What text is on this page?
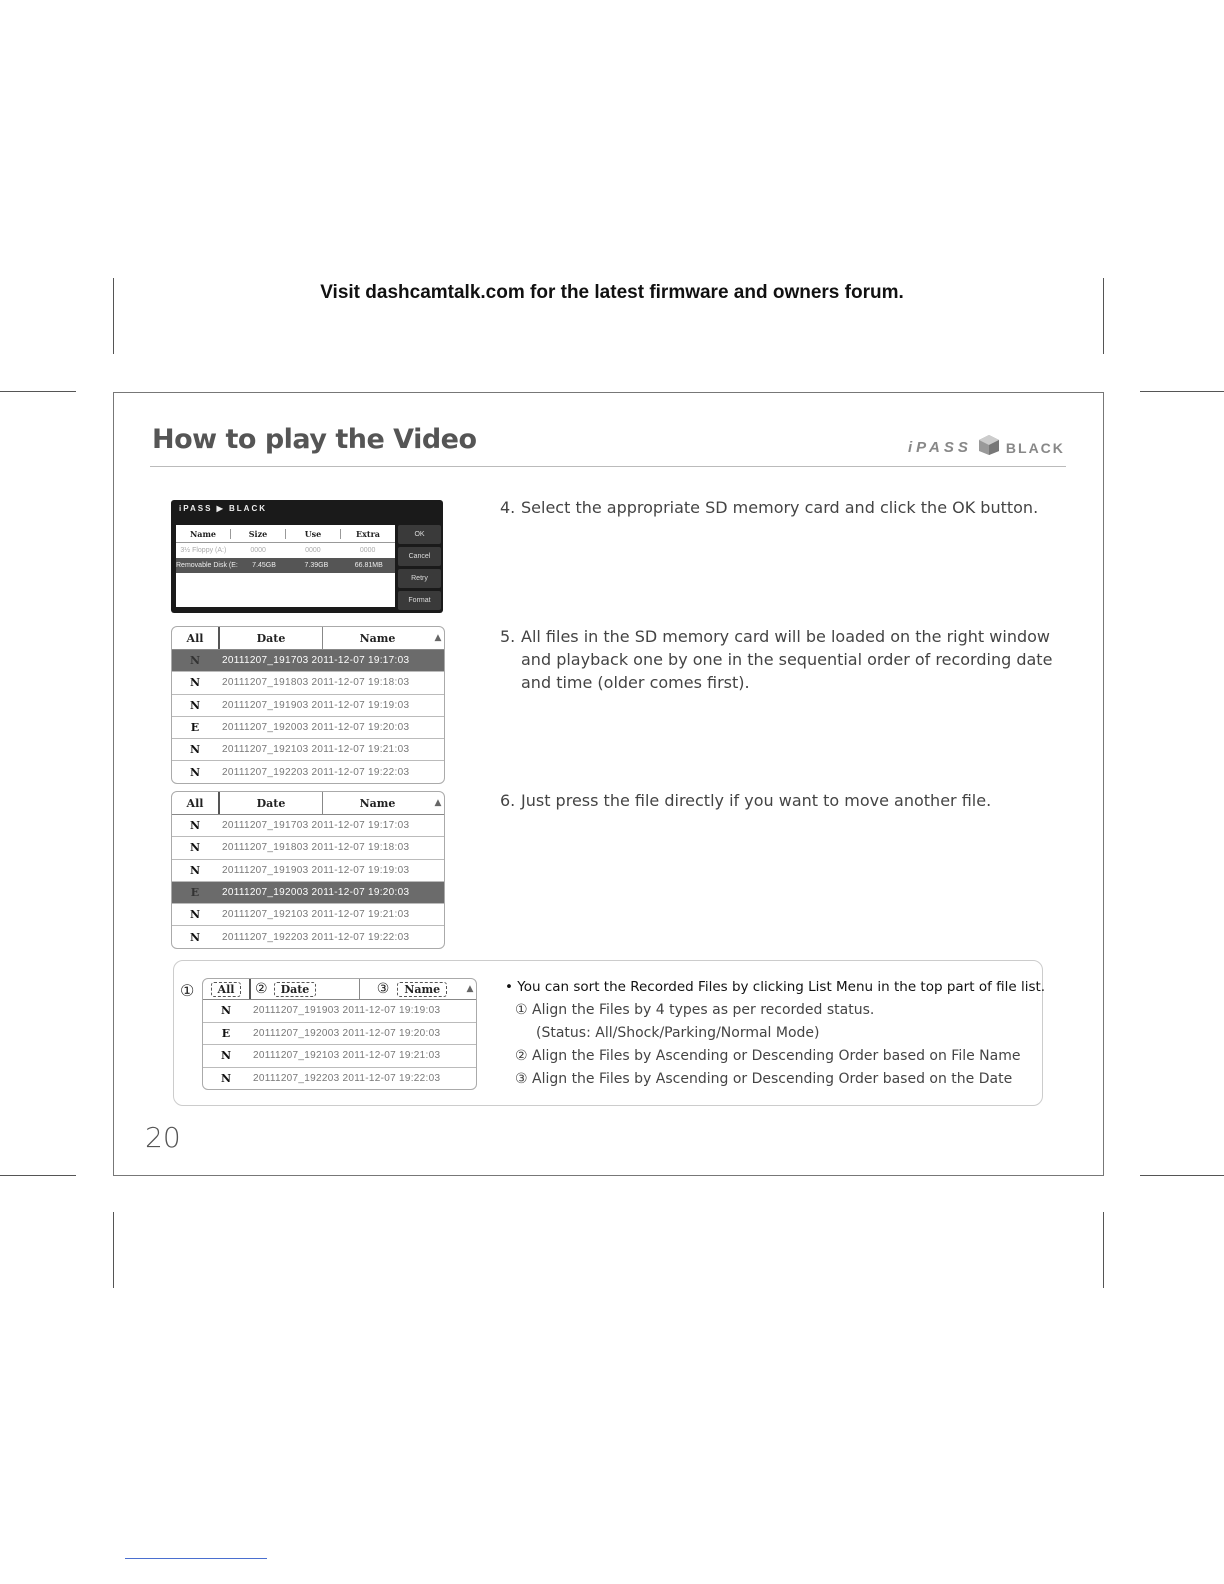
Visit dashcamtalk.com for the latest firmware and owners forum.
How to play the Video	iPASS BLACK
iPASS ▶ BLACK
Name	Size	Use	Extra
3½ Floppy (A:)	0000	0000	0000
Removable Disk (E:	7.45GB	7.39GB	66.81MB
OK
Cancel
Retry
Format
All	Date	Name	▲
N	20111207_191703 2011-12-07 19:17:03
N	20111207_191803 2011-12-07 19:18:03
N	20111207_191903 2011-12-07 19:19:03
E	20111207_192003 2011-12-07 19:20:03
N	20111207_192103 2011-12-07 19:21:03
N	20111207_192203 2011-12-07 19:22:03
All	Date	Name	▲
N	20111207_191703 2011-12-07 19:17:03
N	20111207_191803 2011-12-07 19:18:03
N	20111207_191903 2011-12-07 19:19:03
E	20111207_192003 2011-12-07 19:20:03
N	20111207_192103 2011-12-07 19:21:03
N	20111207_192203 2011-12-07 19:22:03
4. Select the appropriate SD memory card and click the OK button.
5. All files in the SD memory card will be loaded on the right window
and playback one by one in the sequential order of recording date
and time (older comes first).
6. Just press the file directly if you want to move another file.
①	All	②	Date	③	Name	▲
N	20111207_191903 2011-12-07 19:19:03
E	20111207_192003 2011-12-07 19:20:03
N	20111207_192103 2011-12-07 19:21:03
N	20111207_192203 2011-12-07 19:22:03
• You can sort the Recorded Files by clicking List Menu in the top part of file list.
① Align the Files by 4 types as per recorded status.
(Status: All/Shock/Parking/Normal Mode)
② Align the Files by Ascending or Descending Order based on File Name
③ Align the Files by Ascending or Descending Order based on the Date
20
